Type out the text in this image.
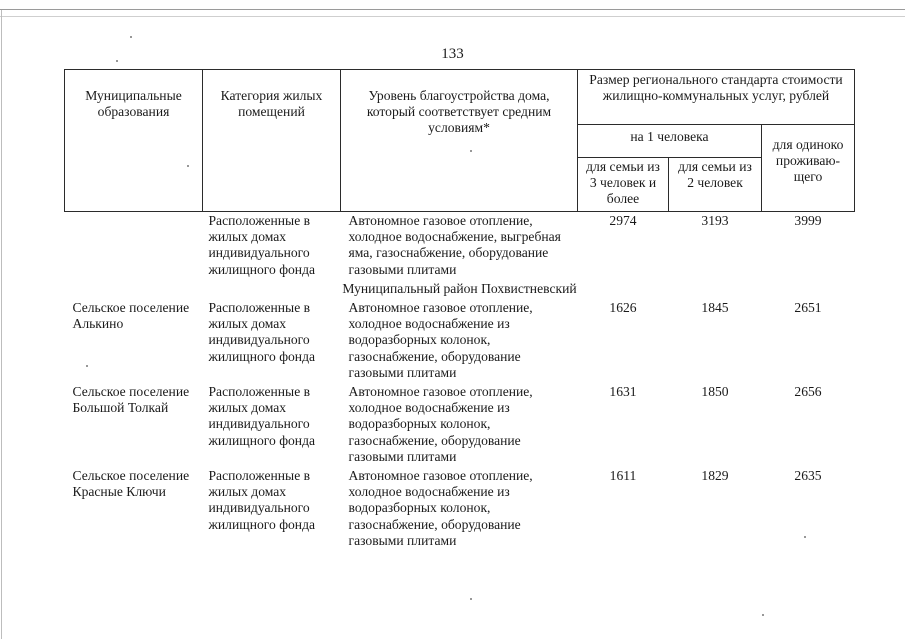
133
Муниципальные образования	Категория жилых помещений	Уровень благоустройства дома, который соответствует средним условиям*	Размер регионального стандарта стоимости жилищно-коммунальных услуг, рублей		
			на 1 человека		для одиноко проживаю-щего
			для семьи из 3 человек и более	для семьи из 2 человек	
	Расположенные в жилых домах индивидуального жилищного фонда	Автономное газовое отопление, холодное водоснабжение, выгребная яма, газоснабжение, оборудование газовыми плитами	2974	3193	3999
Муниципальный район Похвистневский					
Сельское поселение Алькино	Расположенные в жилых домах индивидуального жилищного фонда	Автономное газовое отопление, холодное водоснабжение из водоразборных колонок, газоснабжение, оборудование газовыми плитами	1626	1845	2651
Сельское поселение Большой Толкай	Расположенные в жилых домах индивидуального жилищного фонда	Автономное газовое отопление, холодное водоснабжение из водоразборных колонок, газоснабжение, оборудование газовыми плитами	1631	1850	2656
Сельское поселение Красные Ключи	Расположенные в жилых домах индивидуального жилищного фонда	Автономное газовое отопление, холодное водоснабжение из водоразборных колонок, газоснабжение, оборудование газовыми плитами	1611	1829	2635
